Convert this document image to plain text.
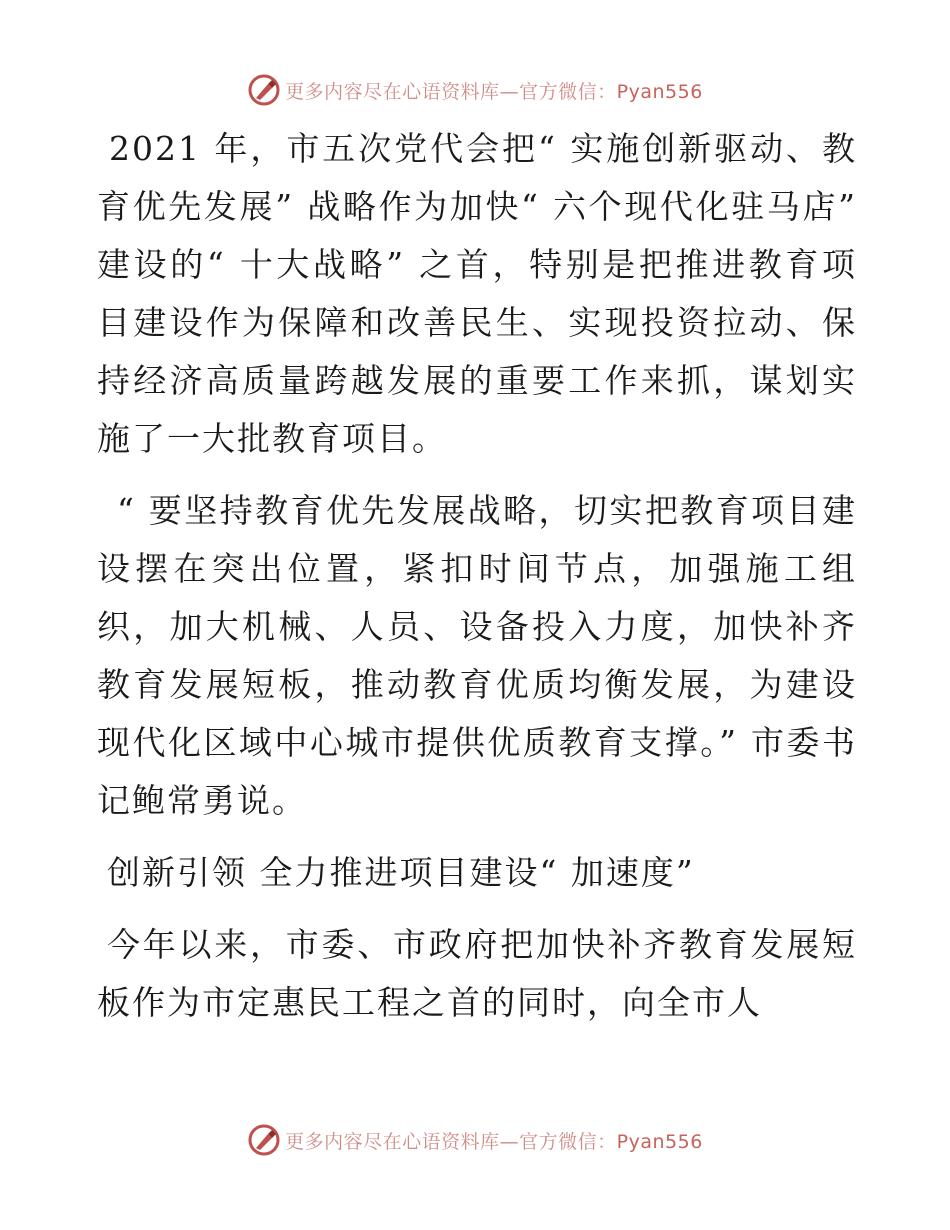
更多内容尽在心语资料库—官方微信：Pyan556

2021 年，市五次党代会把“ 实施创新驱动、教育优先发展” 战略作为加快“ 六个现代化驻马店” 建设的“ 十大战略” 之首，特别是把推进教育项目建设作为保障和改善民生、实现投资拉动、保持经济高质量跨越发展的重要工作来抓，谋划实施了一大批教育项目。

“ 要坚持教育优先发展战略，切实把教育项目建设摆在突出位置，紧扣时间节点，加强施工组织，加大机械、人员、设备投入力度，加快补齐教育发展短板，推动教育优质均衡发展，为建设现代化区域中心城市提供优质教育支撑。” 市委书记鲍常勇说。

创新引领 全力推进项目建设“ 加速度”

今年以来，市委、市政府把加快补齐教育发展短板作为市定惠民工程之首的同时，向全市人

更多内容尽在心语资料库—官方微信：Pyan556
